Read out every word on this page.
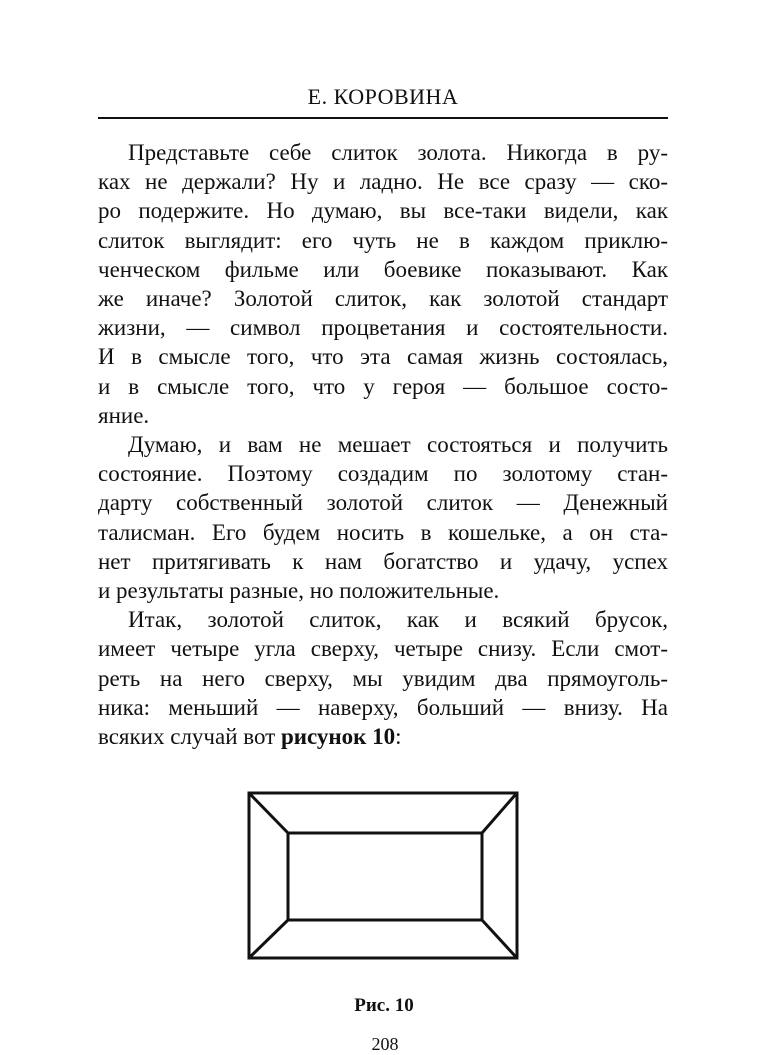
Е. КОРОВИНА

Представьте себе слиток золота. Никогда в ру-
ках не держали? Ну и ладно. Не все сразу — ско-
ро подержите. Но думаю, вы все-таки видели, как
слиток выглядит: его чуть не в каждом приклю-
ченческом фильме или боевике показывают. Как
же иначе? Золотой слиток, как золотой стандарт
жизни, — символ процветания и состоятельности.
И в смысле того, что эта самая жизнь состоялась,
и в смысле того, что у героя — большое состо-
яние.

Думаю, и вам не мешает состояться и получить
состояние. Поэтому создадим по золотому стан-
дарту собственный золотой слиток — Денежный
талисман. Его будем носить в кошельке, а он ста-
нет притягивать к нам богатство и удачу, успех
и результаты разные, но положительные.

Итак, золотой слиток, как и всякий брусок,
имеет четыре угла сверху, четыре снизу. Если смот-
реть на него сверху, мы увидим два прямоуголь-
ника: меньший — наверху, больший — внизу. На
всяких случай вот рисунок 10:

Рис. 10
208
